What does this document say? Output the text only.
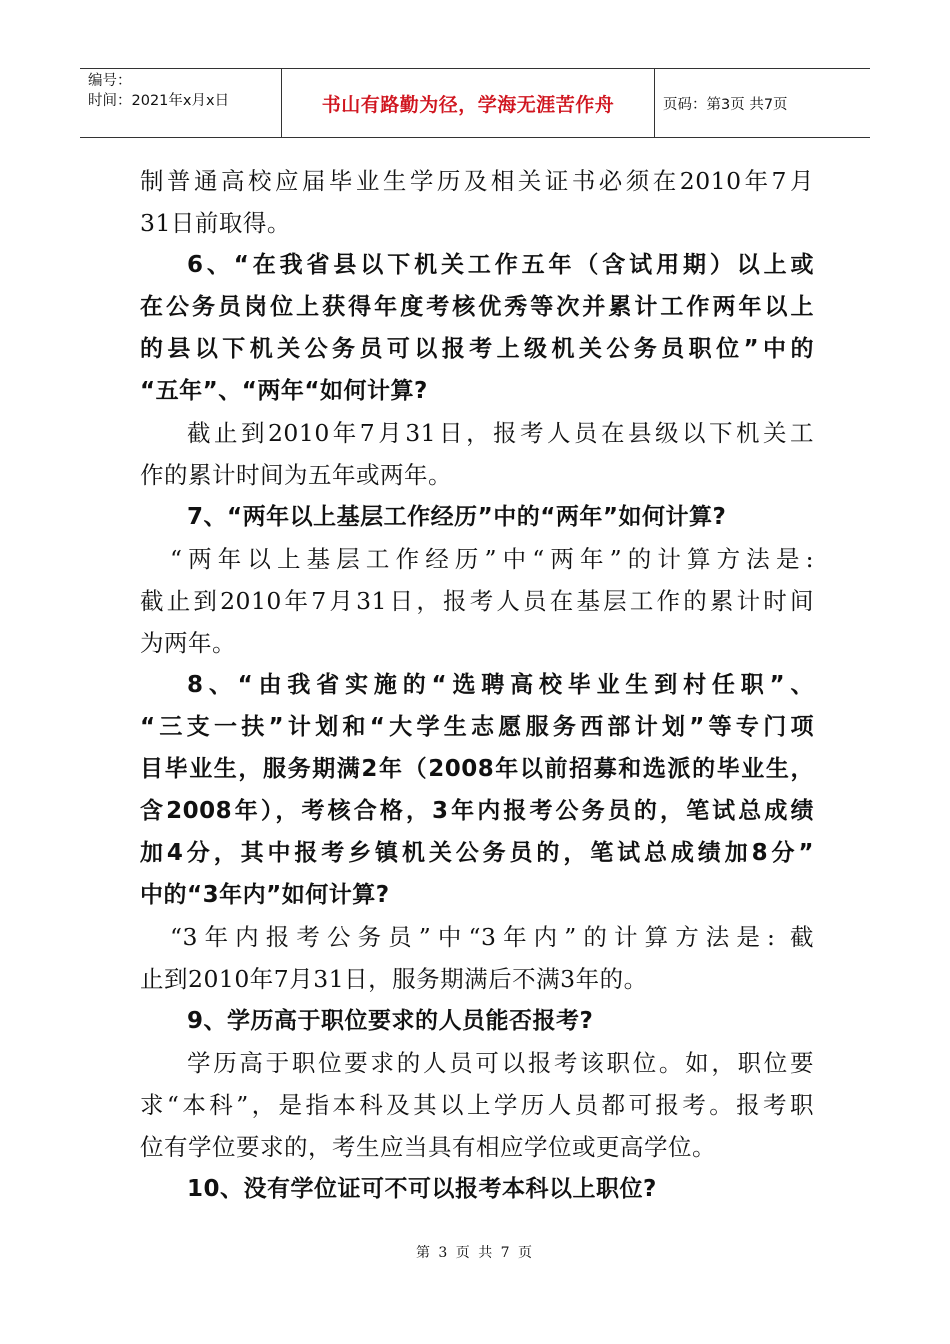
编号：
时间：2021年x月x日	书山有路勤为径，学海无涯苦作舟	页码：第3页 共7页
制普通高校应届毕业生学历及相关证书必须在2010年7月
31日前取得。
6、“在我省县以下机关工作五年（含试用期）以上或
在公务员岗位上获得年度考核优秀等次并累计工作两年以上
的县以下机关公务员可以报考上级机关公务员职位”中的
“五年”、“两年“如何计算?
截止到2010年7月31日，报考人员在县级以下机关工
作的累计时间为五年或两年。
7、“两年以上基层工作经历”中的“两年”如何计算?
“两年以上基层工作经历”中“两年”的计算方法是:
截止到2010年7月31日，报考人员在基层工作的累计时间
为两年。
8、“由我省实施的“选聘高校毕业生到村任职”、
“三支一扶”计划和“大学生志愿服务西部计划”等专门项
目毕业生，服务期满2年（2008年以前招募和选派的毕业生，
含2008年），考核合格，3年内报考公务员的，笔试总成绩
加4分，其中报考乡镇机关公务员的，笔试总成绩加8分”
中的“3年内”如何计算?
“3年内报考公务员”中“3年内”的计算方法是: 截
止到2010年7月31日，服务期满后不满3年的。
9、学历高于职位要求的人员能否报考?
学历高于职位要求的人员可以报考该职位。如，职位要
求“本科”，是指本科及其以上学历人员都可报考。报考职
位有学位要求的，考生应当具有相应学位或更高学位。
10、没有学位证可不可以报考本科以上职位?
第 3 页 共 7 页
